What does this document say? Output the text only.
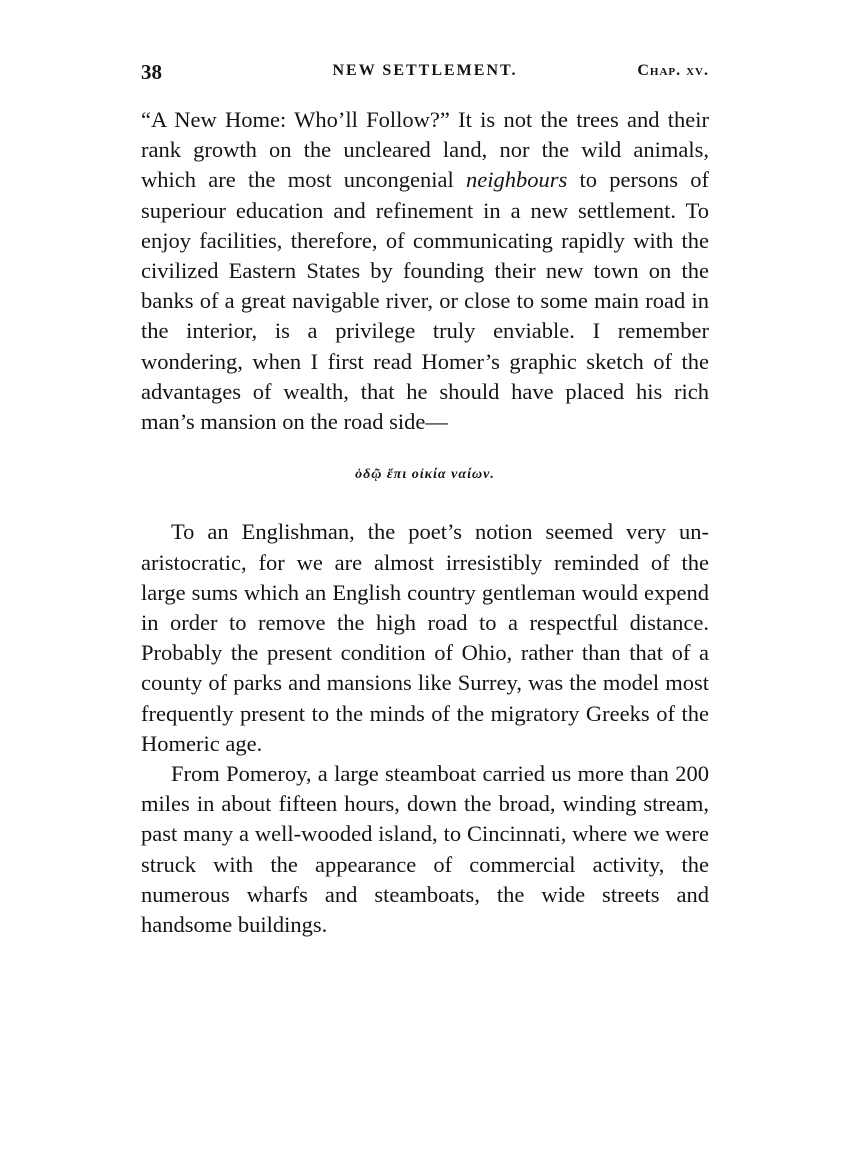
38	NEW SETTLEMENT.	Chap. xv.

“A New Home: Who’ll Follow?” It is not the trees and their rank growth on the uncleared land, nor the wild animals, which are the most uncongenial neighbours to persons of superiour education and refinement in a new settlement. To enjoy facilities, therefore, of communicating rapidly with the civilized Eastern States by founding their new town on the banks of a great navigable river, or close to some main road in the interior, is a privilege truly enviable. I remember wondering, when I first read Homer’s graphic sketch of the advantages of wealth, that he should have placed his rich man’s mansion on the road side—

ὁδῷ ἔπι οἰκία ναίων.

To an Englishman, the poet’s notion seemed very un-aristocratic, for we are almost irresistibly reminded of the large sums which an English country gentleman would expend in order to remove the high road to a respectful distance. Probably the present condition of Ohio, rather than that of a county of parks and mansions like Surrey, was the model most frequently present to the minds of the migratory Greeks of the Homeric age.

From Pomeroy, a large steamboat carried us more than 200 miles in about fifteen hours, down the broad, winding stream, past many a well-wooded island, to Cincinnati, where we were struck with the appearance of commercial activity, the numerous wharfs and steamboats, the wide streets and handsome buildings.
